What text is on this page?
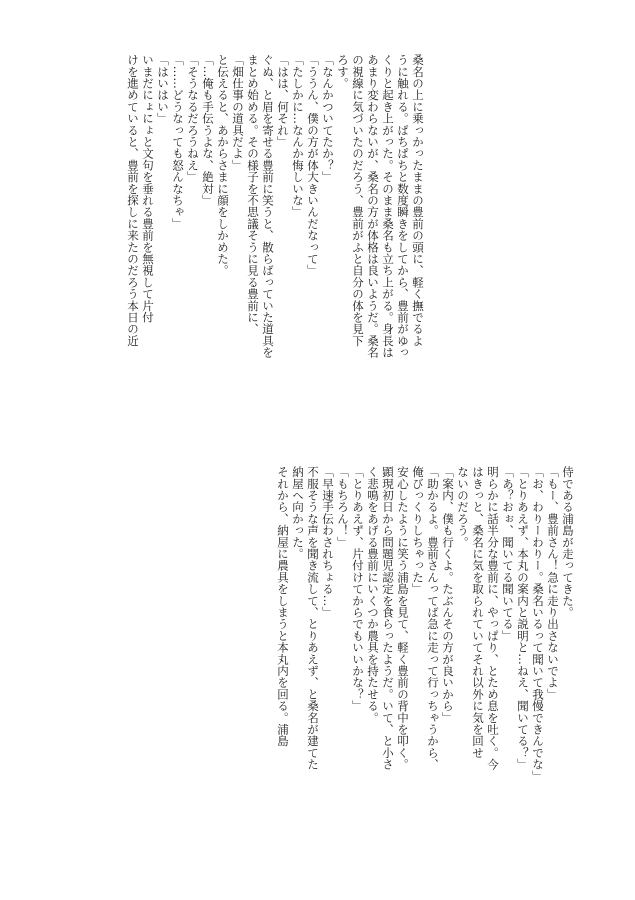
桑名の上に乗っかったままの豊前の頭に、軽く撫でるよ
うに触れる。ぱちぱちと数度瞬きをしてから、豊前がゆっ
くりと起き上がった。そのまま桑名も立ち上がる。身長は
あまり変わらないが、桑名の方が体格は良いようだ。桑名
の視線に気づいたのだろう、豊前がふと自分の体を見下
ろす。
「なんかついてたか？」
「ううん、僕の方が体大きいんだなって」
「たしかに…なんか悔しいな」
「はは、何それ」
ぐぬ、と眉を寄せる豊前に笑うと、散らばっていた道具を
まとめ始める。その様子を不思議そうに見る豊前に、
「畑仕事の道具だよ」
と伝えると、あからさまに顔をしかめた。
「…俺も手伝うよな、絶対」
「そうなるだろうねえ」
「……どうなっても怒んなちゃ」
「はいはい」
いまだにょにょと文句を垂れる豊前を無視して片付
けを進めていると、豊前を探しに来たのだろう本日の近
侍である浦島が走ってきた。
「もー、豊前さん！急に走り出さないでよ」
「お、わりーわりー。桑名いるって聞いて我慢できんでな」
「とりあえず、本丸の案内と説明と…ねえ、聞いてる？」
「あ？おぉ、聞いてる聞いてる」
明らかに話半分な豊前に、やっぱり、とため息を吐く。今
はきっと、桑名に気を取られていてそれ以外に気を回せ
ないのだろう。
「案内、僕も行くよ。たぶんその方が良いから」
「助かるよ。豊前さんってば急に走って行っちゃうから、
俺びっくりしちゃった」
安心したように笑う浦島を見て、軽く豊前の背中を叩く。
顕現初日から問題児認定を食らったようだ。いて、と小さ
く悲鳴をあげる豊前にいくつか農具を持たせる。
「とりあえず、片付けてからでもいいかな？」
「もちろん！」
「早速手伝わされちょる…」
不服そうな声を聞き流して、とりあえず、と桑名が建てた
納屋へ向かった。
それから、納屋に農具をしまうと本丸内を回る。浦島
